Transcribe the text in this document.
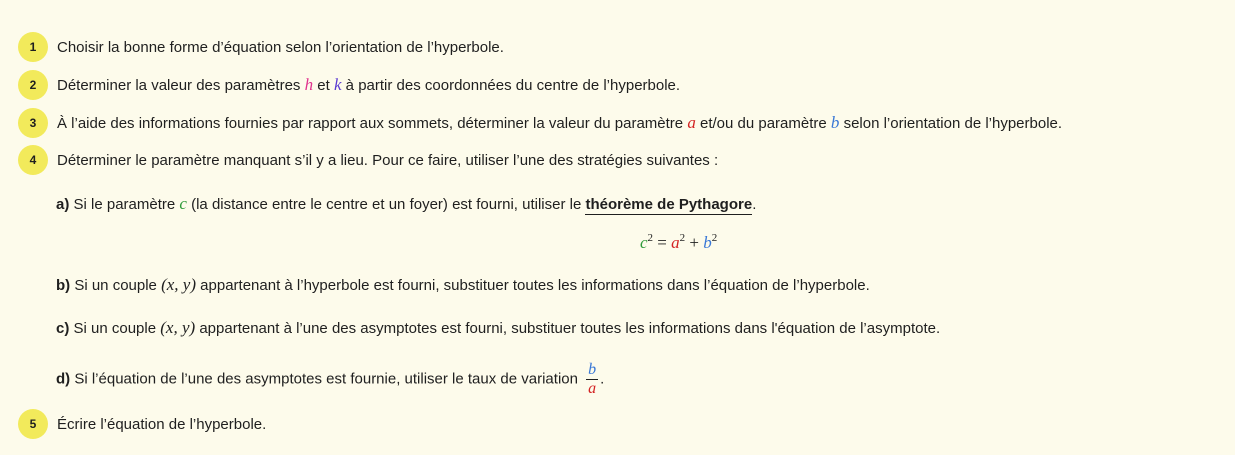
1	Choisir la bonne forme d’équation selon l’orientation de l’hyperbole.
2	Déterminer la valeur des paramètres h et k à partir des coordonnées du centre de l’hyperbole.
3	À l’aide des informations fournies par rapport aux sommets, déterminer la valeur du paramètre a et/ou du paramètre b selon l’orientation de l’hyperbole.
4	Déterminer le paramètre manquant s’il y a lieu. Pour ce faire, utiliser l’une des stratégies suivantes :
a) Si le paramètre c (la distance entre le centre et un foyer) est fourni, utiliser le théorème de Pythagore.
$c^2 = a^2 + b^2$
b) Si un couple (x, y) appartenant à l’hyperbole est fourni, substituer toutes les informations dans l’équation de l’hyperbole.
c) Si un couple (x, y) appartenant à l’une des asymptotes est fourni, substituer toutes les informations dans l'équation de l’asymptote.
d) Si l’équation de l’une des asymptotes est fournie, utiliser le taux de variation $\frac{b}{a}$ .
5	Écrire l’équation de l’hyperbole.
